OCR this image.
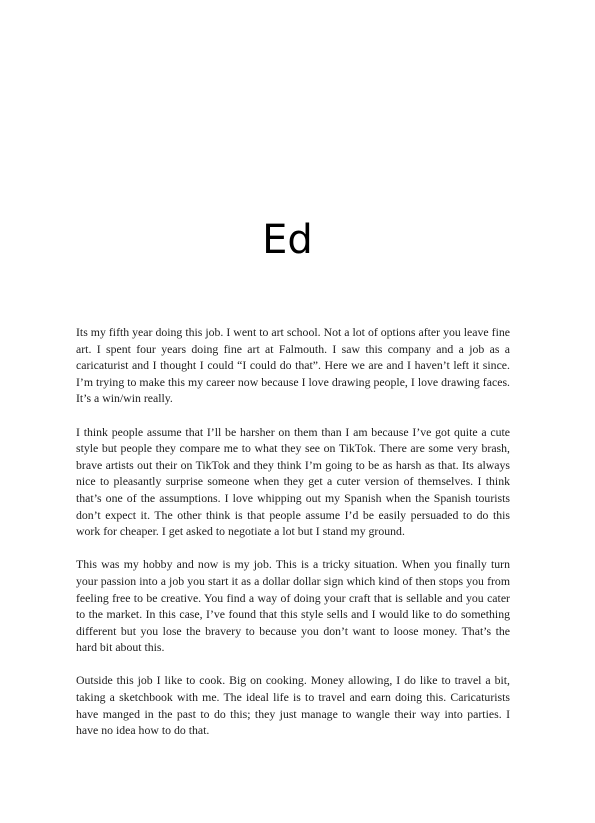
Ed

Its my fifth year doing this job. I went to art school. Not a lot of options after you leave fine art. I spent four years doing fine art at Falmouth. I saw this company and a job as a caricaturist and I thought I could “I could do that”. Here we are and I haven’t left it since. I’m trying to make this my career now because I love drawing people, I love drawing faces. It’s a win/win really.

I think people assume that I’ll be harsher on them than I am because I’ve got quite a cute style but people they compare me to what they see on TikTok. There are some very brash, brave artists out their on TikTok and they think I’m going to be as harsh as that. Its always nice to pleasantly surprise someone when they get a cuter version of themselves. I think that’s one of the assumptions. I love whipping out my Spanish when the Spanish tourists don’t expect it. The other think is that people assume I’d be easily persuaded to do this work for cheaper. I get asked to negotiate a lot but I stand my ground.

This was my hobby and now is my job. This is a tricky situation. When you finally turn your passion into a job you start it as a dollar dollar sign which kind of then stops you from feeling free to be creative. You find a way of doing your craft that is sellable and you cater to the market. In this case, I’ve found that this style sells and I would like to do something different but you lose the bravery to because you don’t want to loose money. That’s the hard bit about this.

Outside this job I like to cook. Big on cooking. Money allowing, I do like to travel a bit, taking a sketchbook with me. The ideal life is to travel and earn doing this. Caricaturists have manged in the past to do this; they just manage to wangle their way into parties. I have no idea how to do that.
